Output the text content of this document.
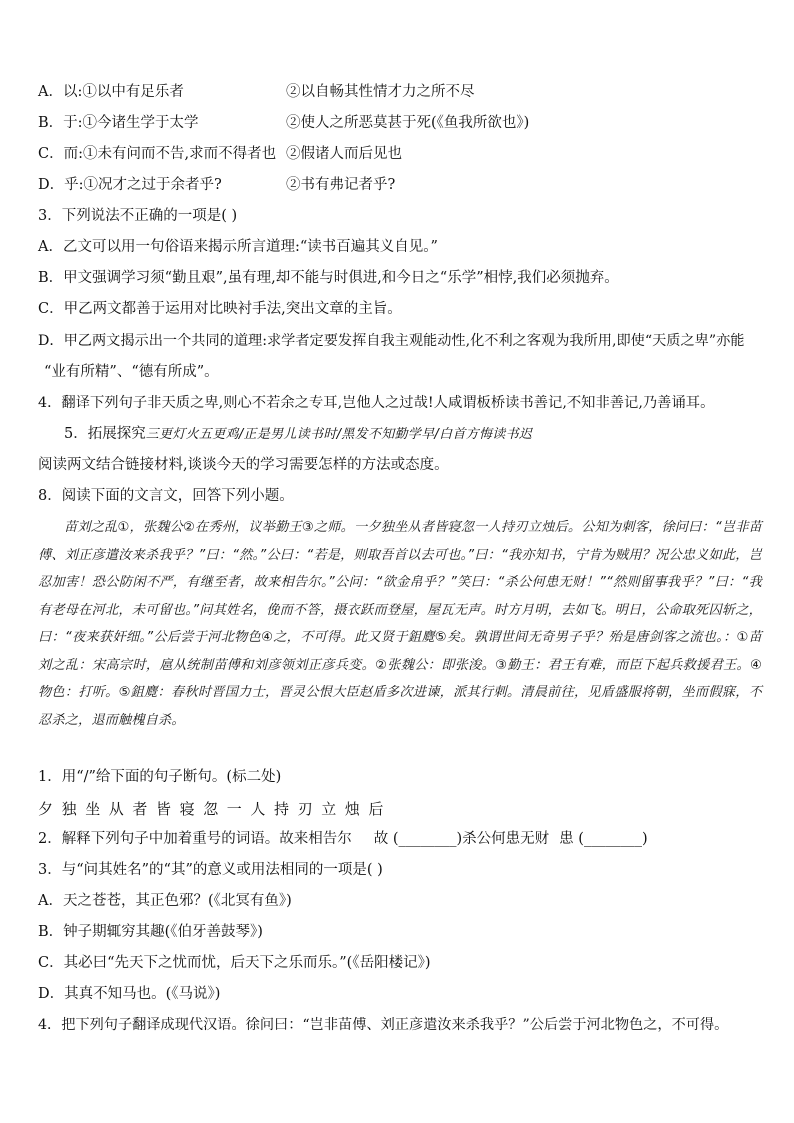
A．以:①以中有足乐者	②以自畅其性情才力之所不尽
B．于:①今诸生学于太学	②使人之所恶莫甚于死(《鱼我所欲也》)
C．而:①未有问而不告,求而不得者也 ②假诸人而后见也
D．乎:①况才之过于余者乎?	②书有弗记者乎?
3．下列说法不正确的一项是( )
A．乙文可以用一句俗语来揭示所言道理:“读书百遍其义自见。”
B．甲文强调学习须“勤且艰”,虽有理,却不能与时俱进,和今日之“乐学”相悖,我们必须抛弃。
C．甲乙两文都善于运用对比映衬手法,突出文章的主旨。
D．甲乙两文揭示出一个共同的道理:求学者定要发挥自我主观能动性,化不利之客观为我所用,即使“天质之卑”亦能
“业有所精”、“德有所成”。
4．翻译下列句子非天质之卑,则心不若余之专耳,岂他人之过哉!人咸谓板桥读书善记,不知非善记,乃善诵耳。
5．拓展探究三更灯火五更鸡/正是男儿读书时/黑发不知勤学早/白首方悔读书迟
阅读两文结合链接材料,谈谈今天的学习需要怎样的方法或态度。
8．阅读下面的文言文，回答下列小题。
苗刘之乱①，张魏公②在秀州，议举勤王③之师。一夕独坐从者皆寝忽一人持刃立烛后。公知为刺客，徐问曰：“岂非苗傅、刘正彦遣汝来杀我乎？”曰：“然。”公曰：“若是，则取吾首以去可也。”曰：“我亦知书，宁肯为贼用？况公忠义如此，岂忍加害！恐公防闲不严，有继至者，故来相告尔。”公问：“欲金帛乎？”笑曰：“杀公何患无财！”“然则留事我乎？”曰：“我有老母在河北，未可留也。”问其姓名，俛而不答，摄衣跃而登屋，屋瓦无声。时方月明，去如飞。明日，公命取死囚斩之，曰：“夜来获奸细。”公后尝于河北物色④之，不可得。此又贤于鉏麑⑤矣。孰谓世间无奇男子乎？殆是唐剑客之流也。：①苗刘之乱：宋高宗时，扈从统制苗傅和刘彦领刘正彦兵变。②张魏公：即张浚。③勤王：君王有难，而臣下起兵救援君王。④物色：打听。⑤鉏麑：春秋时晋国力士，晋灵公恨大臣赵盾多次进谏，派其行刺。清晨前往，见盾盛服将朝，坐而假寐，不忍杀之，退而触槐自杀。
1．用“/”给下面的句子断句。(标二处)
夕独坐从者皆寝忽一人持刃立烛后
2．解释下列句子中加着重号的词语。故来相告尔 故 (________)杀公何患无财 患 (________)
3．与“问其姓名”的“其”的意义或用法相同的一项是( )
A．天之苍苍，其正色邪？(《北冥有鱼》)
B．钟子期辄穷其趣(《伯牙善鼓琴》)
C．其必曰“先天下之忧而忧，后天下之乐而乐。”(《岳阳楼记》)
D．其真不知马也。(《马说》)
4．把下列句子翻译成现代汉语。徐问曰：“岂非苗傅、刘正彦遣汝来杀我乎？”公后尝于河北物色之，不可得。
